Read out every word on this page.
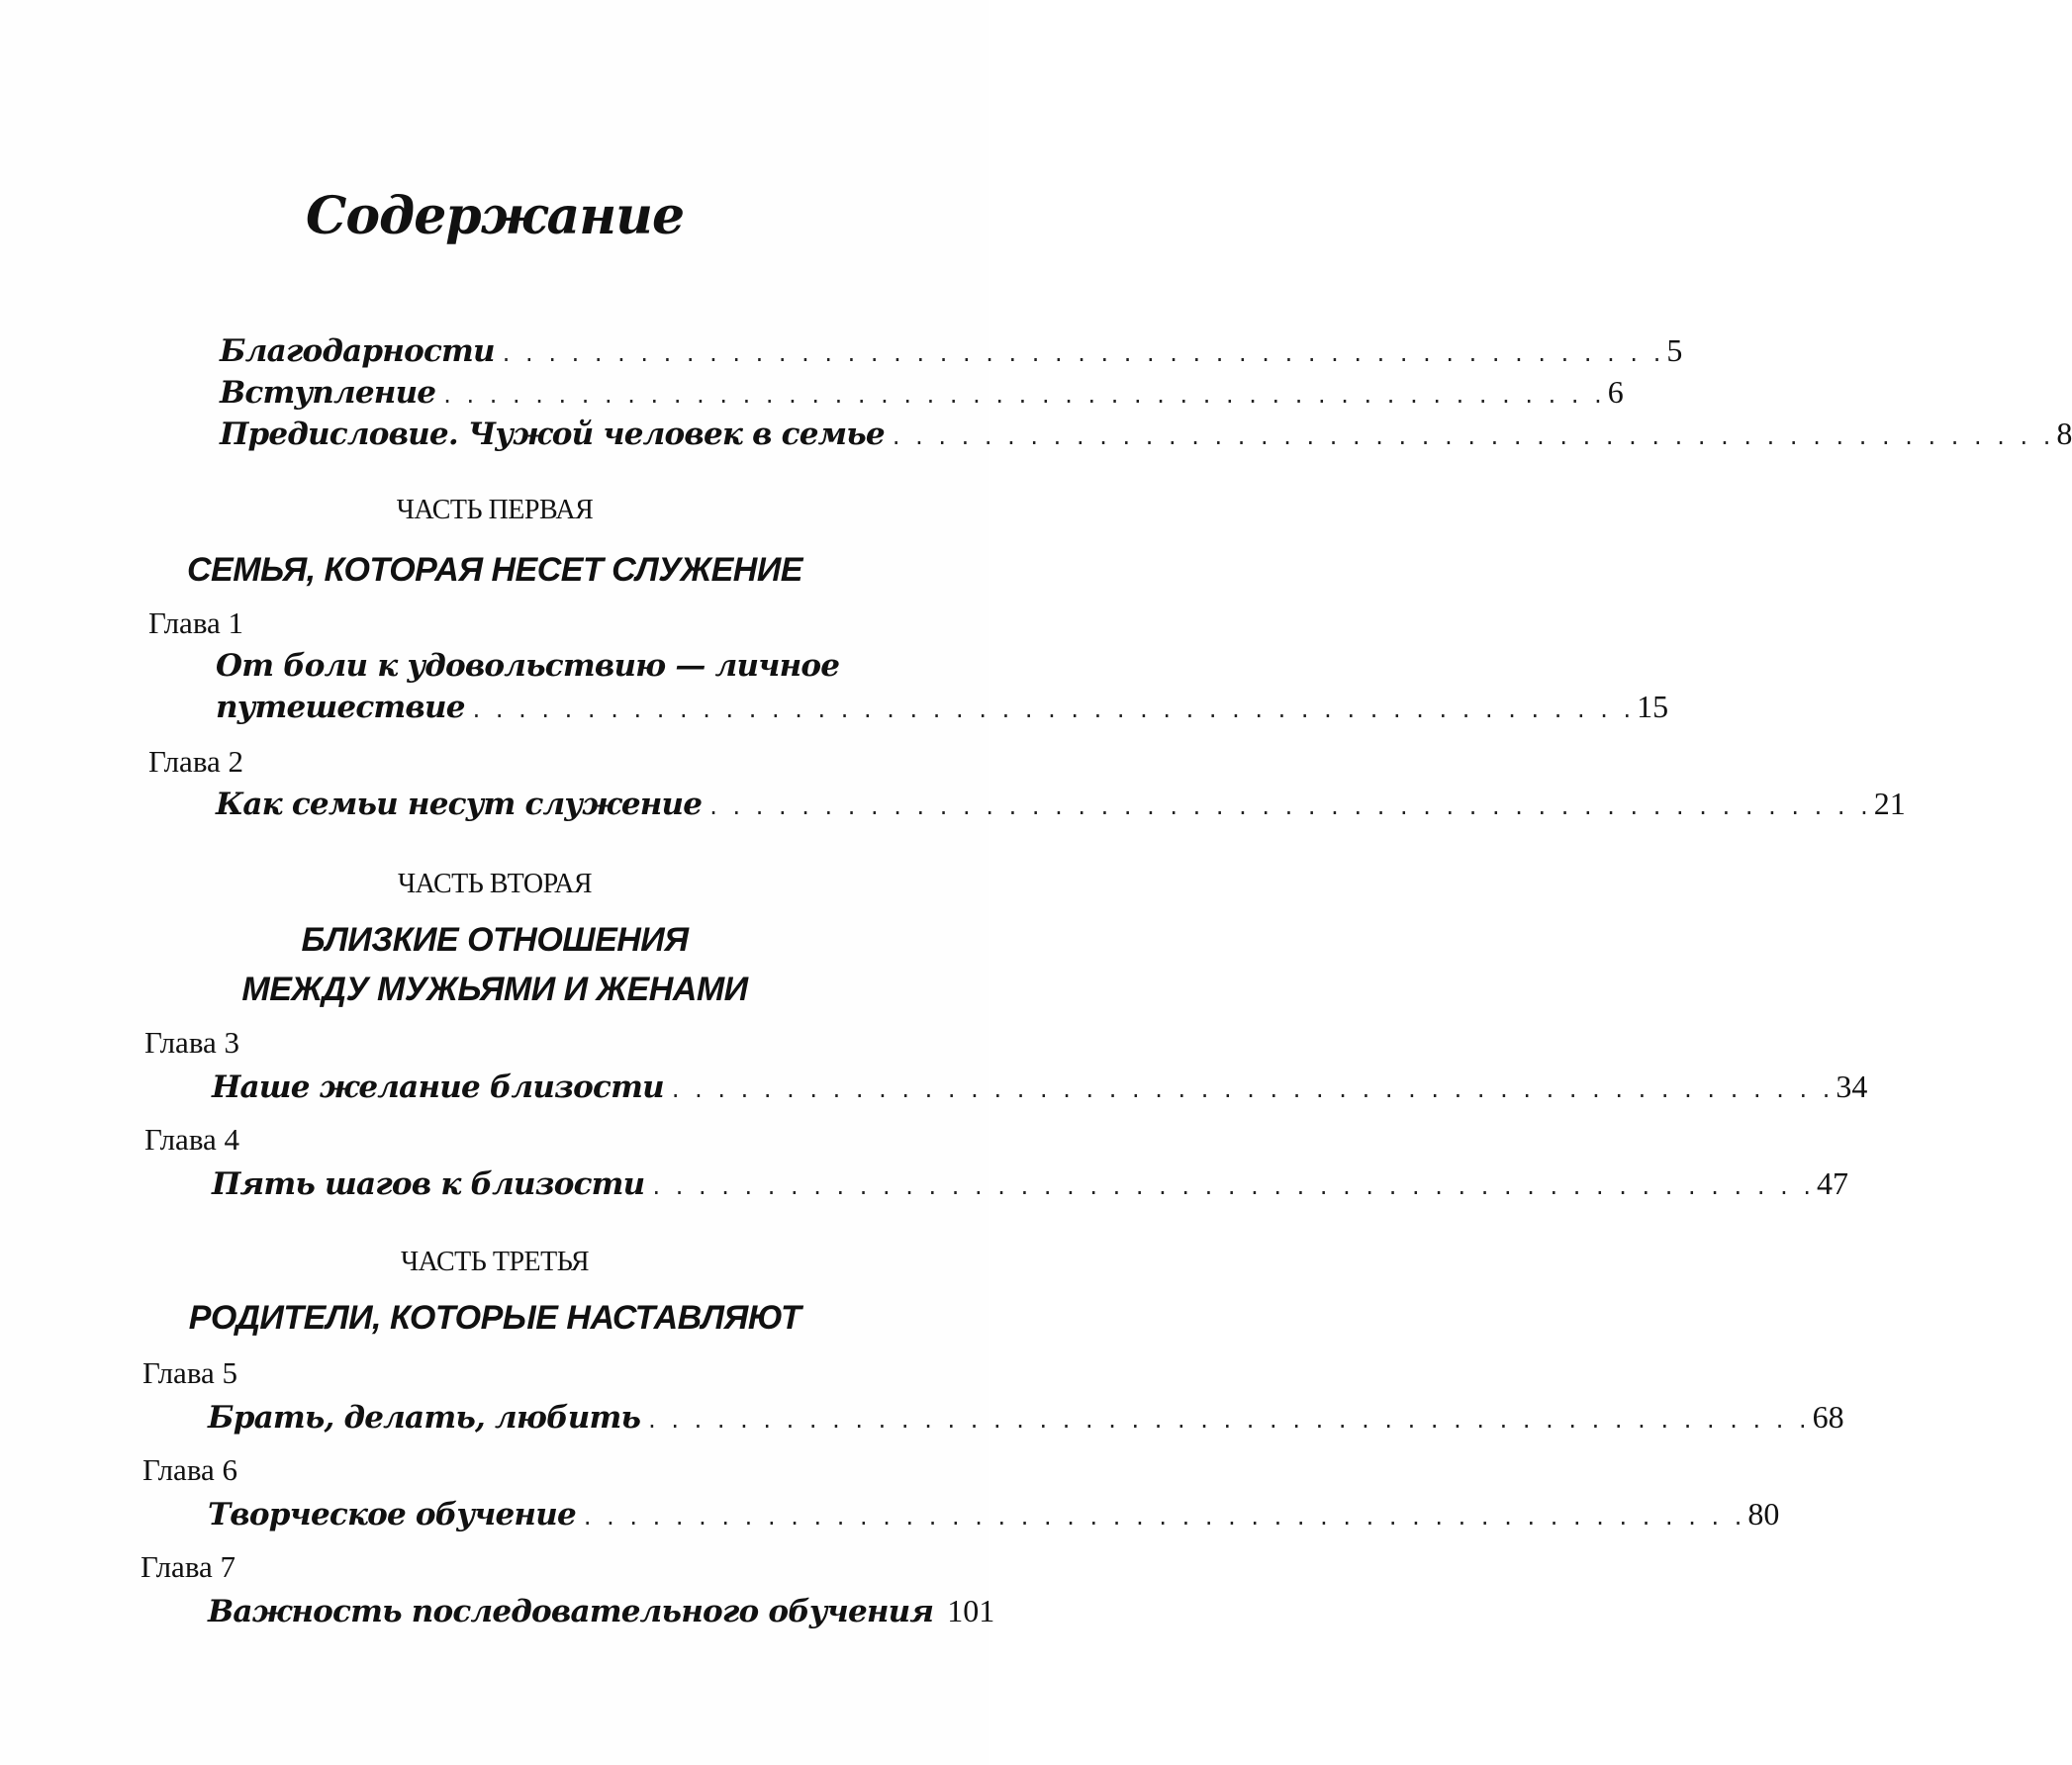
Содержание
Благодарности . . .	5
Вступление . . .	6
Предисловие. Чужой человек в семье . . .	8
ЧАСТЬ ПЕРВАЯ
СЕМЬЯ, КОТОРАЯ НЕСЕТ СЛУЖЕНИЕ
Глава 1
От боли к удовольствию — личное
путешествие . . .	15
Глава 2
Как семьи несут служение . . .	21
ЧАСТЬ ВТОРАЯ
БЛИЗКИЕ ОТНОШЕНИЯ
МЕЖДУ МУЖЬЯМИ И ЖЕНАМИ
Глава 3
Наше желание близости . . .	34
Глава 4
Пять шагов к близости . . .	47
ЧАСТЬ ТРЕТЬЯ
РОДИТЕЛИ, КОТОРЫЕ НАСТАВЛЯЮТ
Глава 5
Брать, делать, любить . . .	68
Глава 6
Творческое обучение . . .	80
Глава 7
Важность последовательного обучения 101
